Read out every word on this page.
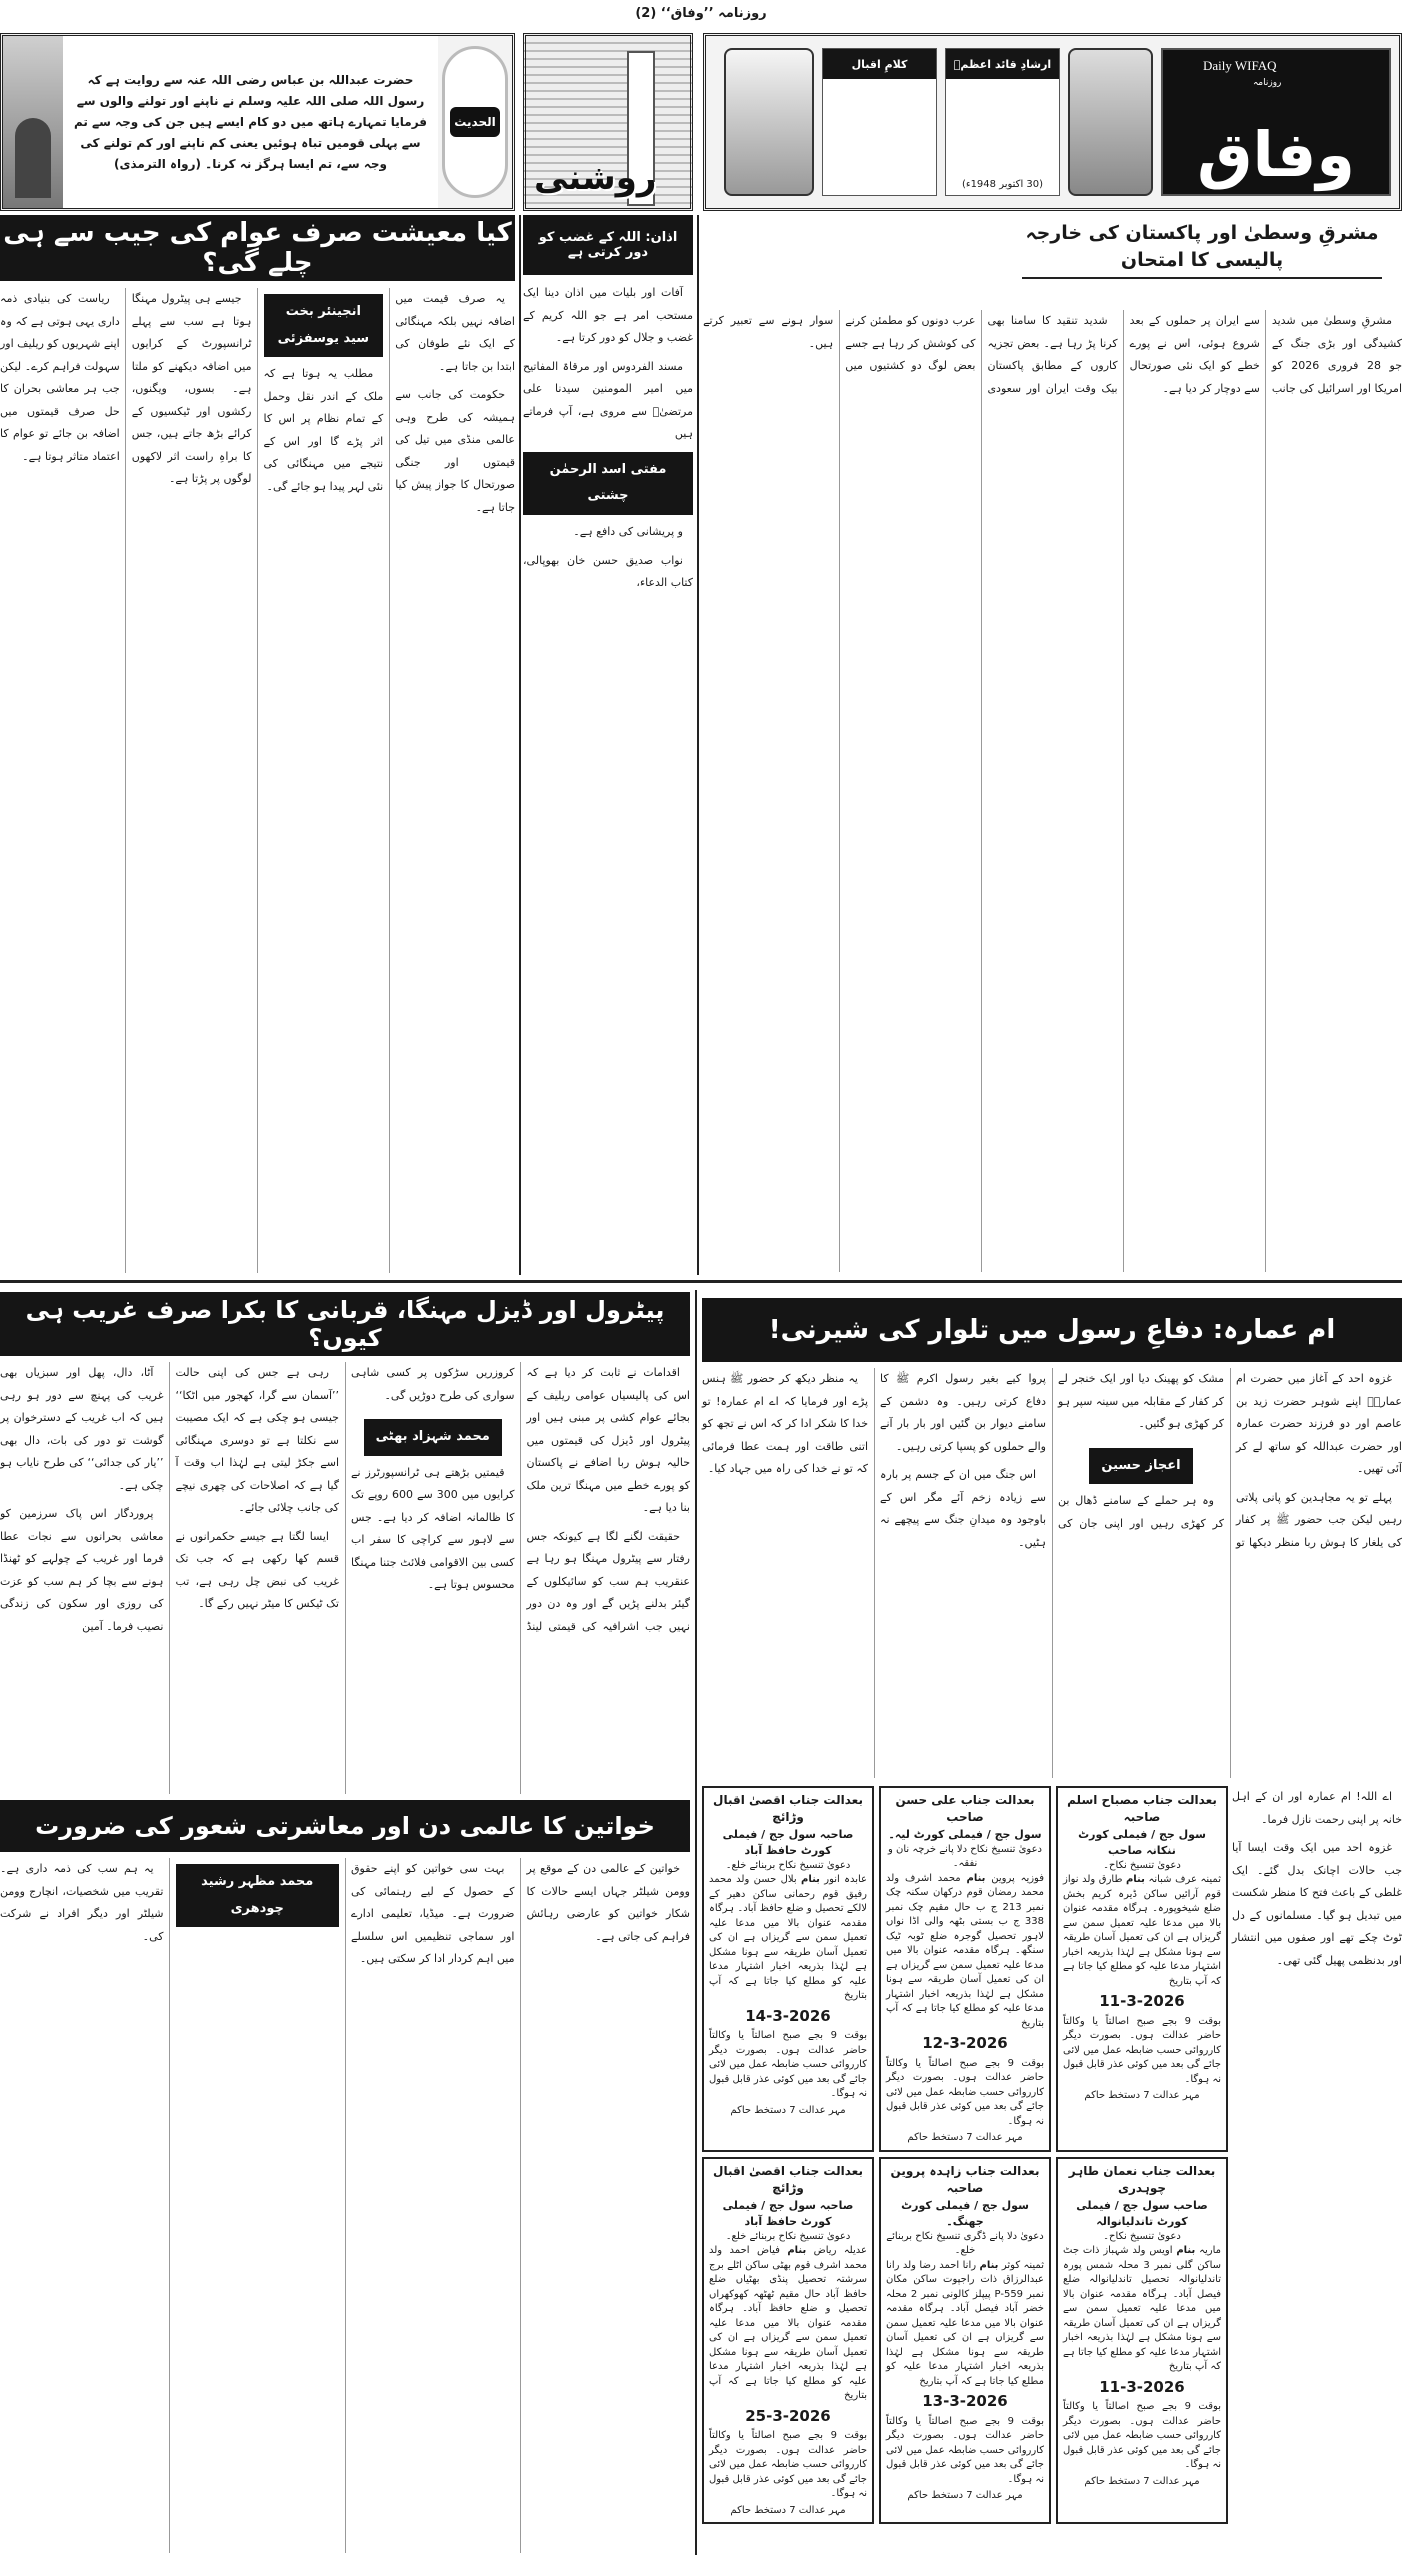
روزنامہ ’’وفاق‘‘ (2)
الحدیث
حضرت عبداللہ بن عباس رضی اللہ عنہ سے روایت ہے کہ رسول اللہ صلی اللہ علیہ وسلم نے ناپنے اور تولنے والوں سے فرمایا تمہارے ہاتھ میں دو کام ایسے ہیں جن کی وجہ سے تم سے پہلی قومیں تباہ ہوئیں یعنی کم ناپنے اور کم تولنے کی وجہ سے، تم ایسا ہرگز نہ کرنا۔ (رواہ الترمذی)	روشنی
Daily WIFAQ
روزنامہ
وفاق
ارشادِ قائد اعظمؒ
(30 اکتوبر 1948ء)
کلامِ اقبال
کیا معیشت صرف عوام کی جیب سے ہی چلے گی؟

یہ صرف قیمت میں اضافہ نہیں بلکہ مہنگائی کے ایک نئے طوفان کی ابتدا بن جاتا ہے۔

حکومت کی جانب سے ہمیشہ کی طرح وہی عالمی منڈی میں تیل کی قیمتوں اور جنگی صورتحال کا جواز پیش کیا جاتا ہے۔

انجینئر بخت سید یوسفزئی

مطلب یہ ہوتا ہے کہ ملک کے اندر نقل وحمل کے تمام نظام پر اس کا اثر پڑے گا اور اس کے نتیجے میں مہنگائی کی نئی لہر پیدا ہو جائے گی۔

جیسے ہی پیٹرول مہنگا ہوتا ہے سب سے پہلے ٹرانسپورٹ کے کرایوں میں اضافہ دیکھنے کو ملتا ہے۔ بسوں، ویگنوں، رکشوں اور ٹیکسیوں کے کرائے بڑھ جاتے ہیں، جس کا براہِ راست اثر لاکھوں لوگوں پر پڑتا ہے۔

ریاست کی بنیادی ذمہ داری یہی ہوتی ہے کہ وہ اپنے شہریوں کو ریلیف اور سہولت فراہم کرے۔ لیکن جب ہر معاشی بحران کا حل صرف قیمتوں میں اضافہ بن جائے تو عوام کا اعتماد متاثر ہوتا ہے۔

اذان: اللہ کے غضب کو دور کرتی ہے

آفات اور بلیات میں اذان دینا ایک مستحب امر ہے جو اللہ کریم کے غضب و جلال کو دور کرتا ہے۔

مسند الفردوس اور مرقاۃ المفاتیح میں امیر المومنین سیدنا علی مرتضیٰؓ سے مروی ہے، آپ فرماتے ہیں

مفتی اسد الرحمٰن چشتی

و پریشانی کی دافع ہے۔

نواب صدیق حسن خان بھوپالی، کتاب الدعاء،

مشرقِ وسطیٰ اور پاکستان کی خارجہ پالیسی کا امتحان

مشرقِ وسطیٰ میں شدید کشیدگی اور بڑی جنگ کے جو 28 فروری 2026 کو امریکا اور اسرائیل کی جانب سے ایران پر حملوں کے بعد شروع ہوئی، اس نے پورے خطے کو ایک نئی صورتحال سے دوچار کر دیا ہے۔

شدید تنقید کا سامنا بھی کرنا پڑ رہا ہے۔ بعض تجزیہ کاروں کے مطابق پاکستان بیک وقت ایران اور سعودی عرب دونوں کو مطمئن کرنے کی کوشش کر رہا ہے جسے بعض لوگ دو کشتیوں میں سوار ہونے سے تعبیر کرتے ہیں۔

پیٹرول اور ڈیزل مہنگا، قربانی کا بکرا صرف غریب ہی کیوں؟

اقدامات نے ثابت کر دیا ہے کہ اس کی پالیسیاں عوامی ریلیف کے بجائے عوام کشی پر مبنی ہیں اور پیٹرول اور ڈیزل کی قیمتوں میں حالیہ ہوش ربا اضافے نے پاکستان کو پورے خطے میں مہنگا ترین ملک بنا دیا ہے۔

حقیقت لگنے لگا ہے کیونکہ جس رفتار سے پیٹرول مہنگا ہو رہا ہے عنقریب ہم سب کو سائیکلوں کے گیئر بدلنے پڑیں گے اور وہ دن دور نہیں جب اشرافیہ کی قیمتی لینڈ کروزریں سڑکوں پر کسی شاہی سواری کی طرح دوڑیں گی۔

محمد شہزاد بھٹی

قیمتیں بڑھتے ہی ٹرانسپورٹرز نے کرایوں میں 300 سے 600 روپے تک کا ظالمانہ اضافہ کر دیا ہے۔ جس سے لاہور سے کراچی کا سفر اب کسی بین الاقوامی فلائٹ جتنا مہنگا محسوس ہوتا ہے۔

رہی ہے جس کی اپنی حالت ’’آسمان سے گرا، کھجور میں اٹکا‘‘ جیسی ہو چکی ہے کہ ایک مصیبت سے نکلتا ہے تو دوسری مہنگائی اسے جکڑ لیتی ہے لہٰذا اب وقت آ گیا ہے کہ اصلاحات کی چھری نیچے کی جانب چلائی جائے۔

ایسا لگتا ہے جیسے حکمرانوں نے قسم کھا رکھی ہے کہ جب تک غریب کی نبض چل رہی ہے، تب تک ٹیکس کا میٹر نہیں رکے گا۔

آٹا، دال، پھل اور سبزیاں بھی غریب کی پہنچ سے دور ہو رہی ہیں کہ اب غریب کے دسترخوان پر گوشت تو دور کی بات، دال بھی ’’یار کی جدائی‘‘ کی طرح نایاب ہو چکی ہے۔

پروردگار اس پاک سرزمین کو معاشی بحرانوں سے نجات عطا فرما اور غریب کے چولہے کو ٹھنڈا ہونے سے بچا کر ہم سب کو عزت کی روزی اور سکون کی زندگی نصیب فرما۔ آمین

خواتین کا عالمی دن اور معاشرتی شعور کی ضرورت

خواتین کے عالمی دن کے موقع پر وومن شیلٹر جہاں ایسے حالات کا شکار خواتین کو عارضی رہائش فراہم کی جاتی ہے۔

بہت سی خواتین کو اپنے حقوق کے حصول کے لیے رہنمائی کی ضرورت ہے۔ میڈیا، تعلیمی ادارے اور سماجی تنظیمیں اس سلسلے میں اہم کردار ادا کر سکتی ہیں۔

محمد مظہر رشید چودھری

یہ ہم سب کی ذمہ داری ہے۔ تقریب میں شخصیات، انچارج وومن شیلٹر اور دیگر افراد نے شرکت کی۔

ام عمارہ: دفاعِ رسول میں تلوار کی شیرنی!

غزوہ احد کے آغاز میں حضرت ام عمارہؓ اپنے شوہر حضرت زید بن عاصم اور دو فرزند حضرت عمارہ اور حضرت عبداللہ کو ساتھ لے کر آئی تھیں۔

پہلے تو یہ مجاہدین کو پانی پلاتی رہیں لیکن جب حضور ﷺ پر کفار کی یلغار کا ہوش ربا منظر دیکھا تو مشک کو پھینک دیا اور ایک خنجر لے کر کفار کے مقابلہ میں سینہ سپر ہو کر کھڑی ہو گئیں۔

اعجاز حسین

وہ ہر حملے کے سامنے ڈھال بن کر کھڑی رہیں اور اپنی جان کی پروا کیے بغیر رسول اکرم ﷺ کا دفاع کرتی رہیں۔ وہ دشمن کے سامنے دیوار بن گئیں اور بار بار آنے والے حملوں کو پسپا کرتی رہیں۔

اس جنگ میں ان کے جسم پر بارہ سے زیادہ زخم آئے مگر اس کے باوجود وہ میدانِ جنگ سے پیچھے نہ ہٹیں۔

یہ منظر دیکھ کر حضور ﷺ ہنس پڑے اور فرمایا کہ اے ام عمارہ! تو خدا کا شکر ادا کر کہ اس نے تجھ کو اتنی طاقت اور ہمت عطا فرمائی کہ تو نے خدا کی راہ میں جہاد کیا۔

اے اللہ! ام عمارہ اور ان کے اہل خانہ پر اپنی رحمت نازل فرما۔

غزوہ احد میں ایک وقت ایسا آیا جب حالات اچانک بدل گئے۔ ایک غلطی کے باعث فتح کا منظر شکست میں تبدیل ہو گیا۔ مسلمانوں کے دل ٹوٹ چکے تھے اور صفوں میں انتشار اور بدنظمی پھیل گئی تھی۔

بعدالت جناب مصباح اسلم صاحبہ
سول جج / فیملی کورٹ ننکانہ صاحب
دعویٰ تنسیخ نکاح۔
ثمینہ عرف شبانہ بنام طارق ولد نواز قوم آرائیں ساکن ڈیرہ کریم بخش ضلع شیخوپورہ۔ ہرگاہ مقدمہ عنوان بالا میں مدعا علیہ تعمیل سمن سے گریزاں ہے ان کی تعمیل آسان طریقہ سے ہونا مشکل ہے لہٰذا بذریعہ اخبار اشتہار مدعا علیہ کو مطلع کیا جاتا ہے کہ آپ بتاریخ
11-3-2026
بوقت 9 بجے صبح اصالتاً یا وکالتاً حاضر عدالت ہوں۔ بصورت دیگر کارروائی حسب ضابطہ عمل میں لائی جائے گی بعد میں کوئی عذر قابل قبول نہ ہوگا۔
مہر عدالت 7 دستخط حاکم
بعدالت جناب علی حسن صاحب
سول جج / فیملی کورٹ لیہ۔
دعویٰ تنسیخ نکاح دلا پانے خرچہ نان و نفقہ۔
فوزیہ پروین بنام محمد اشرف ولد محمد رمضان قوم درکھان سکنہ چک نمبر 213 ج ب حال مقیم چک نمبر 338 ج ب بستی بٹھہ والی اڈا نواں لاہور تحصیل گوجرہ ضلع ٹوبہ ٹیک سنگھ۔ ہرگاہ مقدمہ عنوان بالا میں مدعا علیہ تعمیل سمن سے گریزاں ہے ان کی تعمیل آسان طریقہ سے ہونا مشکل ہے لہٰذا بذریعہ اخبار اشتہار مدعا علیہ کو مطلع کیا جاتا ہے کہ آپ بتاریخ
12-3-2026
بوقت 9 بجے صبح اصالتاً یا وکالتاً حاضر عدالت ہوں۔ بصورت دیگر کارروائی حسب ضابطہ عمل میں لائی جائے گی بعد میں کوئی عذر قابل قبول نہ ہوگا۔
مہر عدالت 7 دستخط حاکم
بعدالت جناب اقصیٰ اقبال وڑائچ
صاحبہ سول جج / فیملی کورٹ حافظ آباد
دعویٰ تنسیخ نکاح بربنائے خلع۔
عابدہ انور بنام بلال حسن ولد محمد رفیق قوم رحمانی ساکن دھیر کے لالکے تحصیل و ضلع حافظ آباد۔ ہرگاہ مقدمہ عنوان بالا میں مدعا علیہ تعمیل سمن سے گریزاں ہے ان کی تعمیل آسان طریقہ سے ہونا مشکل ہے لہٰذا بذریعہ اخبار اشتہار مدعا علیہ کو مطلع کیا جاتا ہے کہ آپ بتاریخ
14-3-2026
بوقت 9 بجے صبح اصالتاً یا وکالتاً حاضر عدالت ہوں۔ بصورت دیگر کارروائی حسب ضابطہ عمل میں لائی جائے گی بعد میں کوئی عذر قابل قبول نہ ہوگا۔
مہر عدالت 7 دستخط حاکم
بعدالت جناب نعمان طاہر چوہدری
صاحب سول جج / فیملی کورٹ تاندلیانوالہ
دعویٰ تنسیخ نکاح۔
ماریہ بنام اویس ولد شہباز ذات جٹ ساکن گلی نمبر 3 محلہ شمس پورہ تاندلیانوالہ تحصیل تاندلیانوالہ ضلع فیصل آباد۔ ہرگاہ مقدمہ عنوان بالا میں مدعا علیہ تعمیل سمن سے گریزاں ہے ان کی تعمیل آسان طریقہ سے ہونا مشکل ہے لہٰذا بذریعہ اخبار اشتہار مدعا علیہ کو مطلع کیا جاتا ہے کہ آپ بتاریخ
11-3-2026
بوقت 9 بجے صبح اصالتاً یا وکالتاً حاضر عدالت ہوں۔ بصورت دیگر کارروائی حسب ضابطہ عمل میں لائی جائے گی بعد میں کوئی عذر قابل قبول نہ ہوگا۔
مہر عدالت 7 دستخط حاکم
بعدالت جناب زاہدہ پروین صاحبہ
سول جج / فیملی کورٹ جھنگ۔
دعویٰ دلا پانے ڈگری تنسیخ نکاح بربنائے خلع۔
ثمینہ کوثر بنام رانا احمد رضا ولد رانا عبدالرزاق ذات راجپوت ساکن مکان نمبر P-559 پیپلز کالونی نمبر 2 محلہ خضر آباد فیصل آباد۔ ہرگاہ مقدمہ عنوان بالا میں مدعا علیہ تعمیل سمن سے گریزاں ہے ان کی تعمیل آسان طریقہ سے ہونا مشکل ہے لہٰذا بذریعہ اخبار اشتہار مدعا علیہ کو مطلع کیا جاتا ہے کہ آپ بتاریخ
13-3-2026
بوقت 9 بجے صبح اصالتاً یا وکالتاً حاضر عدالت ہوں۔ بصورت دیگر کارروائی حسب ضابطہ عمل میں لائی جائے گی بعد میں کوئی عذر قابل قبول نہ ہوگا۔
مہر عدالت 7 دستخط حاکم
بعدالت جناب اقصیٰ اقبال وڑائچ
صاحبہ سول جج / فیملی کورٹ حافظ آباد
دعویٰ تنسیخ نکاح بربنائے خلع۔
عدیلہ ریاض بنام فیاض احمد ولد محمد اشرف قوم بھٹی ساکن اٹلے برج سرشتہ تحصیل پنڈی بھٹیاں ضلع حافظ آباد حال مقیم ٹھٹھہ کھوکھراں تحصیل و ضلع حافظ آباد۔ ہرگاہ مقدمہ عنوان بالا میں مدعا علیہ تعمیل سمن سے گریزاں ہے ان کی تعمیل آسان طریقہ سے ہونا مشکل ہے لہٰذا بذریعہ اخبار اشتہار مدعا علیہ کو مطلع کیا جاتا ہے کہ آپ بتاریخ
25-3-2026
بوقت 9 بجے صبح اصالتاً یا وکالتاً حاضر عدالت ہوں۔ بصورت دیگر کارروائی حسب ضابطہ عمل میں لائی جائے گی بعد میں کوئی عذر قابل قبول نہ ہوگا۔
مہر عدالت 7 دستخط حاکم
